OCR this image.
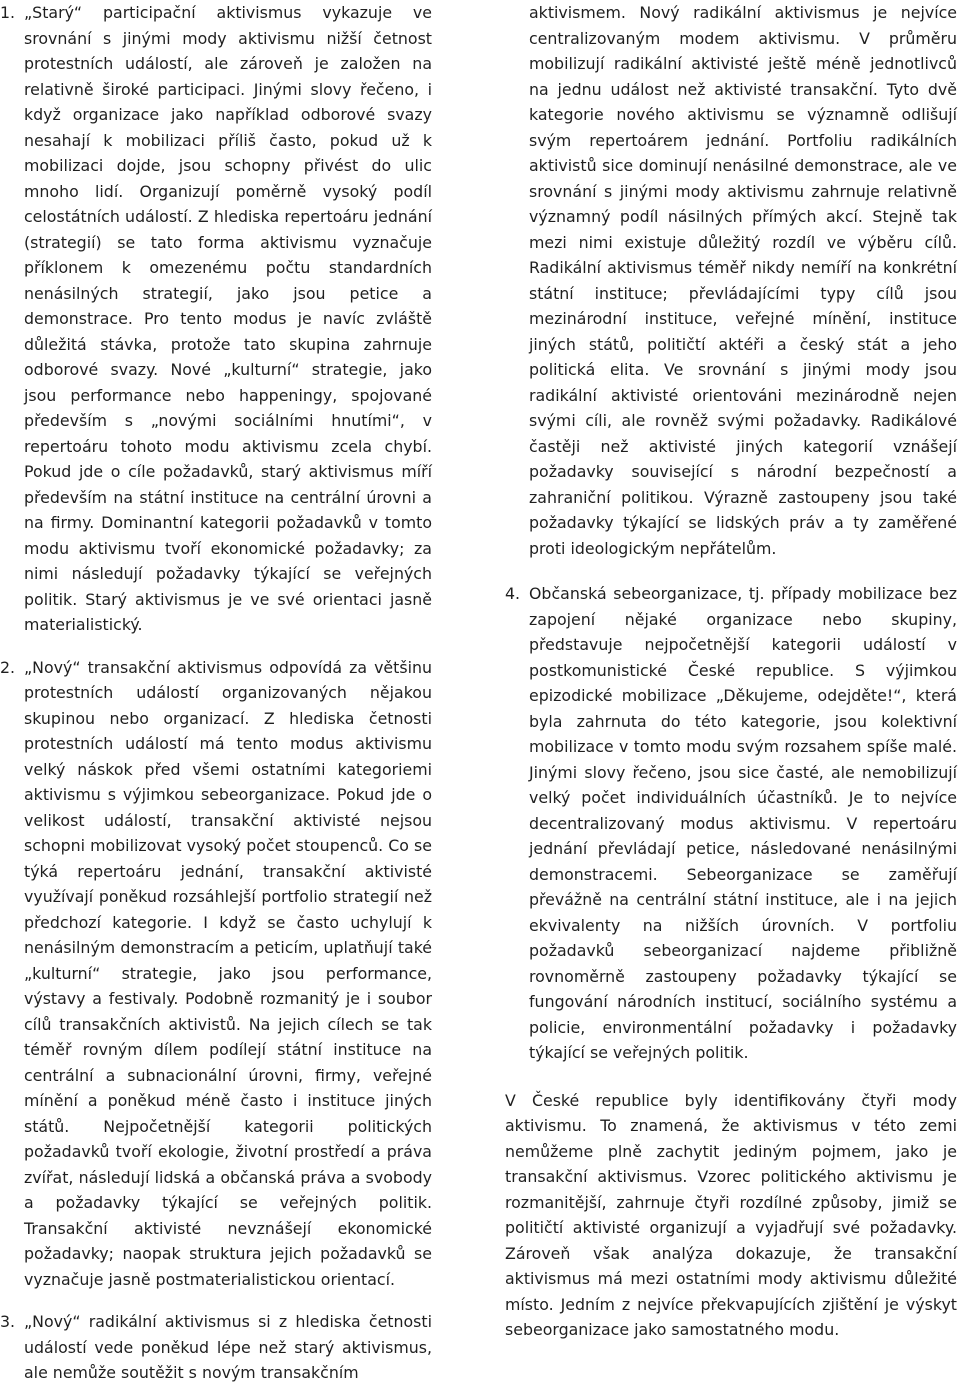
1. „Starý“ participační aktivismus vykazuje ve srovnání s jinými mody aktivismu nižší četnost protestních událostí, ale zároveň je založen na relativně široké participaci. Jinými slovy řečeno, i když organizace jako například odborové svazy nesahají k mobilizaci příliš často, pokud už k mobilizaci dojde, jsou schopny přivést do ulic mnoho lidí. Organizují poměrně vysoký podíl celostátních událostí. Z hlediska repertoáru jednání (strategií) se tato forma aktivismu vyznačuje příklonem k omezenému počtu standardních nenásilných strategií, jako jsou petice a demonstrace. Pro tento modus je navíc zvláště důležitá stávka, protože tato skupina zahrnuje odborové svazy. Nové „kulturní“ strategie, jako jsou performance nebo happeningy, spojované především s „novými sociálními hnutími“, v repertoáru tohoto modu aktivismu zcela chybí. Pokud jde o cíle požadavků, starý aktivismus míří především na státní instituce na centrální úrovni a na firmy. Dominantní kategorii požadavků v tomto modu aktivismu tvoří ekonomické požadavky; za nimi následují požadavky týkající se veřejných politik. Starý aktivismus je ve své orientaci jasně materialistický.
2. „Nový“ transakční aktivismus odpovídá za většinu protestních událostí organizovaných nějakou skupinou nebo organizací. Z hlediska četnosti protestních událostí má tento modus aktivismu velký náskok před všemi ostatními kategoriemi aktivismu s výjimkou sebeorganizace. Pokud jde o velikost událostí, transakční aktivisté nejsou schopni mobilizovat vysoký počet stoupenců. Co se týká repertoáru jednání, transakční aktivisté využívají poněkud rozsáhlejší portfolio strategií než předchozí kategorie. I když se často uchylují k nenásilným demonstracím a peticím, uplatňují také „kulturní“ strategie, jako jsou performance, výstavy a festivaly. Podobně rozmanitý je i soubor cílů transakčních aktivistů. Na jejich cílech se tak téměř rovným dílem podílejí státní instituce na centrální a subnacionální úrovni, firmy, veřejné mínění a poněkud méně často i instituce jiných států. Nejpočetnější kategorii politických požadavků tvoří ekologie, životní prostředí a práva zvířat, následují lidská a občanská práva a svobody a požadavky týkající se veřejných politik. Transakční aktivisté nevznášejí ekonomické požadavky; naopak struktura jejich požadavků se vyznačuje jasně postmaterialistickou orientací.
3. „Nový“ radikální aktivismus si z hlediska četnosti událostí vede poněkud lépe než starý aktivismus, ale nemůže soutěžit s novým transakčním
aktivismem. Nový radikální aktivismus je nejvíce centralizovaným modem aktivismu. V průměru mobilizují radikální aktivisté ještě méně jednotlivců na jednu událost než aktivisté transakční. Tyto dvě kategorie nového aktivismu se významně odlišují svým repertoárem jednání. Portfoliu radikálních aktivistů sice dominují nenásilné demonstrace, ale ve srovnání s jinými mody aktivismu zahrnuje relativně významný podíl násilných přímých akcí. Stejně tak mezi nimi existuje důležitý rozdíl ve výběru cílů. Radikální aktivismus téměř nikdy nemíří na konkrétní státní instituce; převládajícími typy cílů jsou mezinárodní instituce, veřejné mínění, instituce jiných států, političtí aktéři a český stát a jeho politická elita. Ve srovnání s jinými mody jsou radikální aktivisté orientováni mezinárodně nejen svými cíli, ale rovněž svými požadavky. Radikálové častěji než aktivisté jiných kategorií vznášejí požadavky související s národní bezpečností a zahraniční politikou. Výrazně zastoupeny jsou také požadavky týkající se lidských práv a ty zaměřené proti ideologickým nepřátelům.
4. Občanská sebeorganizace, tj. případy mobilizace bez zapojení nějaké organizace nebo skupiny, představuje nejpočetnější kategorii událostí v postkomunistické České republice. S výjimkou epizodické mobilizace „Děkujeme, odejděte!“, která byla zahrnuta do této kategorie, jsou kolektivní mobilizace v tomto modu svým rozsahem spíše malé. Jinými slovy řečeno, jsou sice časté, ale nemobilizují velký počet individuálních účastníků. Je to nejvíce decentralizovaný modus aktivismu. V repertoáru jednání převládají petice, následované nenásilnými demonstracemi. Sebeorganizace se zaměřují převážně na centrální státní instituce, ale i na jejich ekvivalenty na nižších úrovních. V portfoliu požadavků sebeorganizací najdeme přibližně rovnoměrně zastoupeny požadavky týkající se fungování národních institucí, sociálního systému a policie, environmentální požadavky i požadavky týkající se veřejných politik.

V České republice byly identifikovány čtyři mody aktivismu. To znamená, že aktivismus v této zemi nemůžeme plně zachytit jediným pojmem, jako je transakční aktivismus. Vzorec politického aktivismu je rozmanitější, zahrnuje čtyři rozdílné způsoby, jimiž se političtí aktivisté organizují a vyjadřují své požadavky. Zároveň však analýza dokazuje, že transakční aktivismus má mezi ostatními mody aktivismu důležité místo. Jedním z nejvíce překvapujících zjištění je výskyt sebeorganizace jako samostatného modu.
